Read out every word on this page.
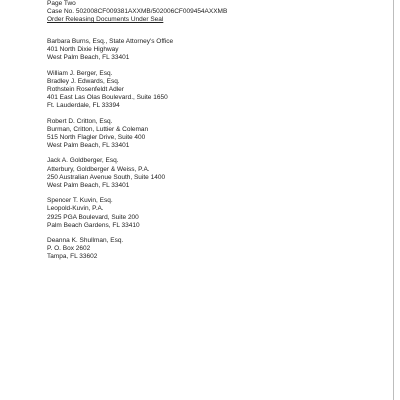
Page Two
Case No. 502008CF009381AXXMB/502006CF009454AXXMB
Order Releasing Documents Under Seal
Barbara Burns, Esq., State Attorney's Office
401 North Dixie Highway
West Palm Beach, FL 33401
William J. Berger, Esq.
Bradley J. Edwards, Esq.
Rothstein Rosenfeldt Adler
401 East Las Olas Boulevard., Suite 1650
Ft. Lauderdale, FL 33394
Robert D. Critton, Esq.
Burman, Critton, Luttier & Coleman
515 North Flagler Drive, Suite 400
West Palm Beach, FL 33401
Jack A. Goldberger, Esq.
Atterbury, Goldberger & Weiss, P.A.
250 Australian Avenue South, Suite 1400
West Palm Beach, FL 33401
Spencer T. Kuvin, Esq.
Leopold-Kuvin, P.A.
2925 PGA Boulevard, Suite 200
Palm Beach Gardens, FL 33410
Deanna K. Shullman, Esq.
P. O. Box 2602
Tampa, FL 33602
